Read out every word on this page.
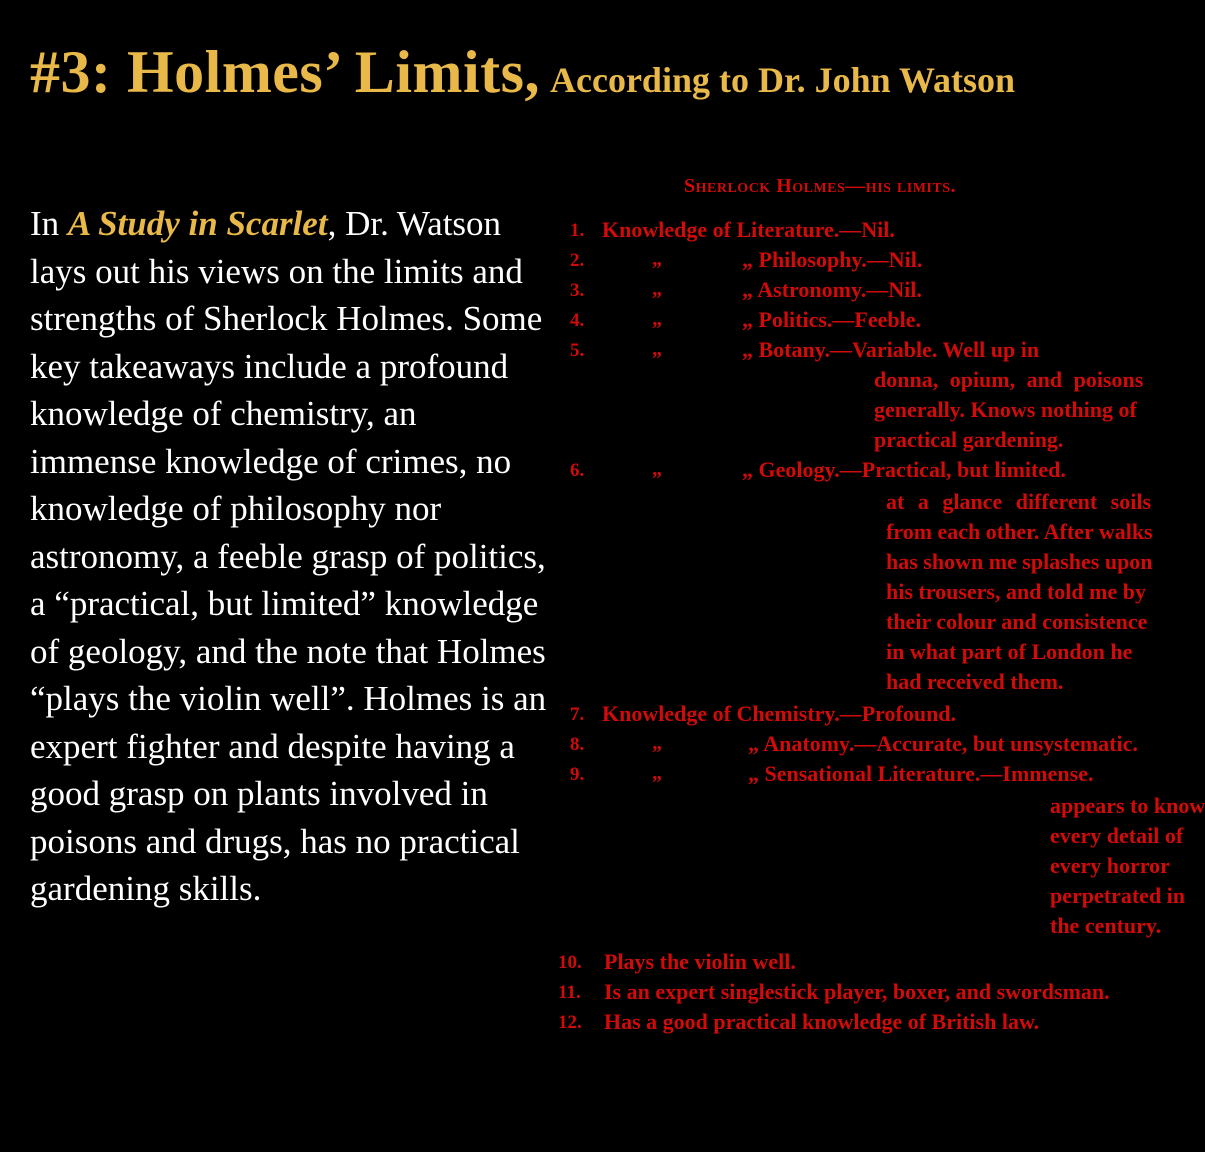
#3: Holmes’ Limits, According to Dr. John Watson
In A Study in Scarlet, Dr. Watson lays out his views on the limits and strengths of Sherlock Holmes. Some key takeaways include a profound knowledge of chemistry, an immense knowledge of crimes, no knowledge of philosophy nor astronomy, a feeble grasp of politics, a “practical, but limited” knowledge of geology, and the note that Holmes “plays the violin well”. Holmes is an expert fighter and despite having a good grasp on plants involved in poisons and drugs, has no practical gardening skills.
Sherlock Holmes—his limits.
1. Knowledge of Literature.—Nil.
2.	„	„ Philosophy.—Nil.
3.	„	„ Astronomy.—Nil.
4.	„	„ Politics.—Feeble.
5.	„	„ Botany.—Variable. Well up in
donna, opium, and poisons
generally. Knows nothing of
practical gardening.
6.	„	„ Geology.—Practical, but limited.
at a glance different soils
from each other. After walks
has shown me splashes upon
his trousers, and told me by
their colour and consistence
in what part of London he
had received them.
7. Knowledge of Chemistry.—Profound.
8.	„	„ Anatomy.—Accurate, but unsystematic.
9.	„	„ Sensational Literature.—Immense.
appears to know
every detail of
every horror
perpetrated in
the century.
10. Plays the violin well.
11. Is an expert singlestick player, boxer, and swordsman.
12. Has a good practical knowledge of British law.
